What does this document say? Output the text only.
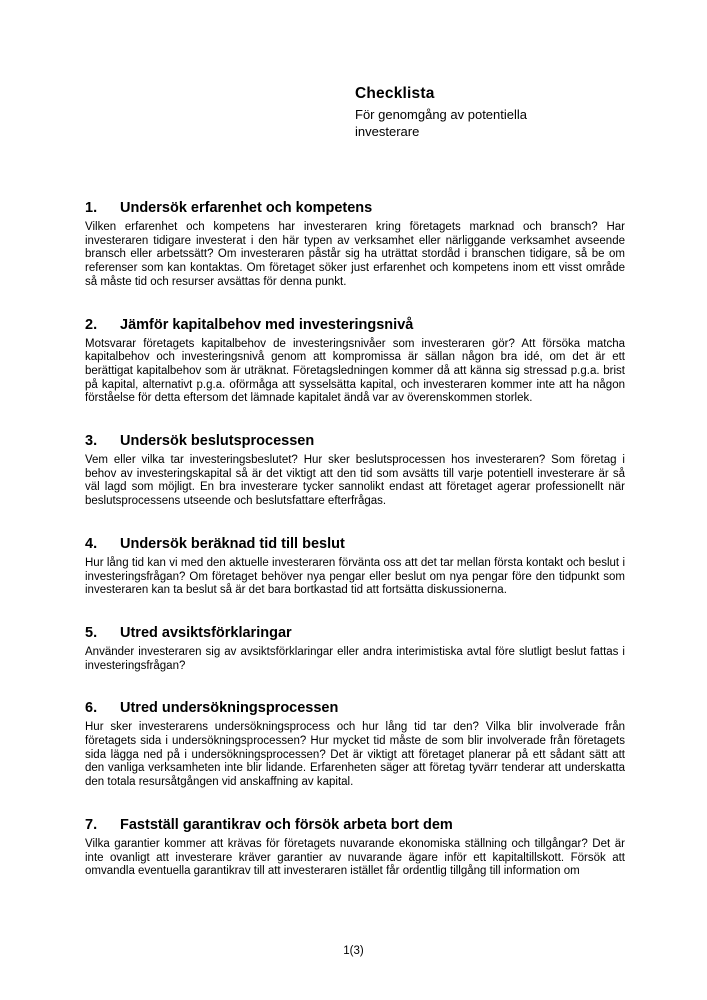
Checklista

För genomgång av potentiella investerare

1.	Undersök erfarenhet och kompetens

Vilken erfarenhet och kompetens har investeraren kring företagets marknad och bransch? Har investeraren tidigare investerat i den här typen av verksamhet eller närliggande verksamhet avseende bransch eller arbetssätt? Om investeraren påstår sig ha uträttat stordåd i branschen tidigare, så be om referenser som kan kontaktas. Om företaget söker just erfarenhet och kompetens inom ett visst område så måste tid och resurser avsättas för denna punkt.

2.	Jämför kapitalbehov med investeringsnivå

Motsvarar företagets kapitalbehov de investeringsnivåer som investeraren gör? Att försöka matcha kapitalbehov och investeringsnivå genom att kompromissa är sällan någon bra idé, om det är ett berättigat kapitalbehov som är uträknat. Företagsledningen kommer då att känna sig stressad p.g.a. brist på kapital, alternativt p.g.a. oförmåga att sysselsätta kapital, och investeraren kommer inte att ha någon förståelse för detta eftersom det lämnade kapitalet ändå var av överenskommen storlek.

3.	Undersök beslutsprocessen

Vem eller vilka tar investeringsbeslutet? Hur sker beslutsprocessen hos investeraren? Som företag i behov av investeringskapital så är det viktigt att den tid som avsätts till varje potentiell investerare är så väl lagd som möjligt. En bra investerare tycker sannolikt endast att företaget agerar professionellt när beslutsprocessens utseende och beslutsfattare efterfrågas.

4.	Undersök beräknad tid till beslut

Hur lång tid kan vi med den aktuelle investeraren förvänta oss att det tar mellan första kontakt och beslut i investeringsfrågan? Om företaget behöver nya pengar eller beslut om nya pengar före den tidpunkt som investeraren kan ta beslut så är det bara bortkastad tid att fortsätta diskussionerna.

5.	Utred avsiktsförklaringar

Använder investeraren sig av avsiktsförklaringar eller andra interimistiska avtal före slutligt beslut fattas i investeringsfrågan?

6.	Utred undersökningsprocessen

Hur sker investerarens undersökningsprocess och hur lång tid tar den? Vilka blir involverade från företagets sida i undersökningsprocessen? Hur mycket tid måste de som blir involverade från företagets sida lägga ned på i undersökningsprocessen? Det är viktigt att företaget planerar på ett sådant sätt att den vanliga verksamheten inte blir lidande. Erfarenheten säger att företag tyvärr tenderar att underskatta den totala resursåtgången vid anskaffning av kapital.

7.	Fastställ garantikrav och försök arbeta bort dem

Vilka garantier kommer att krävas för företagets nuvarande ekonomiska ställning och tillgångar? Det är inte ovanligt att investerare kräver garantier av nuvarande ägare inför ett kapitaltillskott. Försök att omvandla eventuella garantikrav till att investeraren istället får ordentlig tillgång till information om

1(3)
